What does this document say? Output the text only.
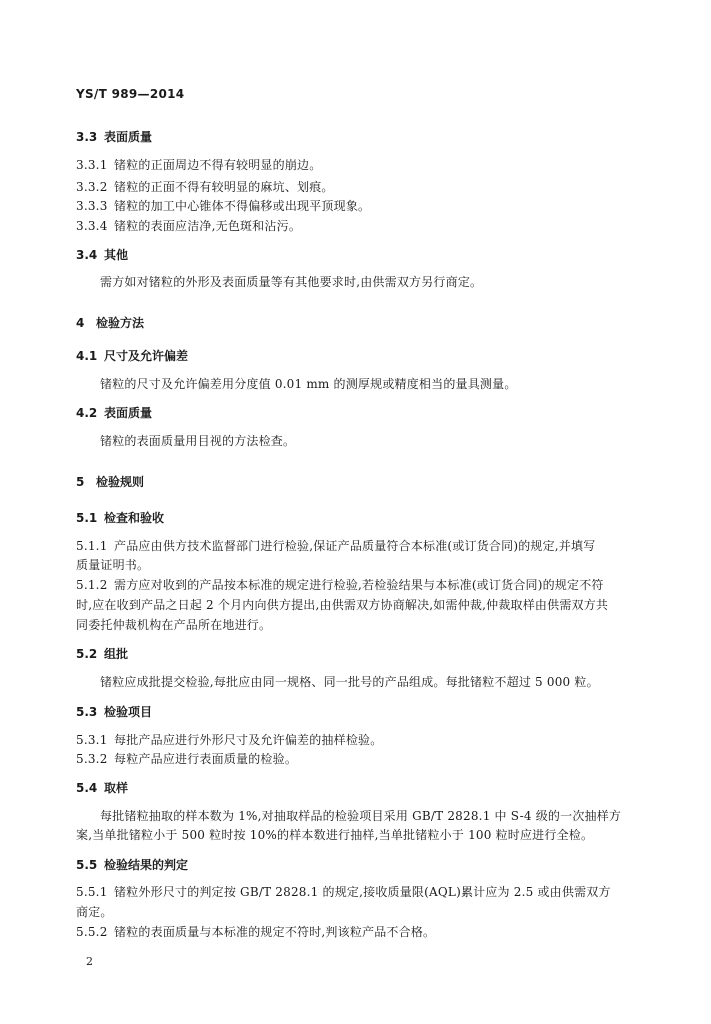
YS/T 989—2014
3.3 表面质量
3.3.1 锗粒的正面周边不得有较明显的崩边。
3.3.2 锗粒的正面不得有较明显的麻坑、划痕。
3.3.3 锗粒的加工中心锥体不得偏移或出现平顶现象。
3.3.4 锗粒的表面应洁净,无色斑和沾污。
3.4 其他
需方如对锗粒的外形及表面质量等有其他要求时,由供需双方另行商定。
4 检验方法
4.1 尺寸及允许偏差
锗粒的尺寸及允许偏差用分度值 0.01 mm 的测厚规或精度相当的量具测量。
4.2 表面质量
锗粒的表面质量用目视的方法检查。
5 检验规则
5.1 检查和验收
5.1.1 产品应由供方技术监督部门进行检验,保证产品质量符合本标准(或订货合同)的规定,并填写
质量证明书。
5.1.2 需方应对收到的产品按本标准的规定进行检验,若检验结果与本标准(或订货合同)的规定不符
时,应在收到产品之日起 2 个月内向供方提出,由供需双方协商解决,如需仲裁,仲裁取样由供需双方共
同委托仲裁机构在产品所在地进行。
5.2 组批
锗粒应成批提交检验,每批应由同一规格、同一批号的产品组成。每批锗粒不超过 5 000 粒。
5.3 检验项目
5.3.1 每批产品应进行外形尺寸及允许偏差的抽样检验。
5.3.2 每粒产品应进行表面质量的检验。
5.4 取样
每批锗粒抽取的样本数为 1%,对抽取样品的检验项目采用 GB/T 2828.1 中 S-4 级的一次抽样方
案,当单批锗粒小于 500 粒时按 10%的样本数进行抽样,当单批锗粒小于 100 粒时应进行全检。
5.5 检验结果的判定
5.5.1 锗粒外形尺寸的判定按 GB/T 2828.1 的规定,接收质量限(AQL)累计应为 2.5 或由供需双方
商定。
5.5.2 锗粒的表面质量与本标准的规定不符时,判该粒产品不合格。
2
